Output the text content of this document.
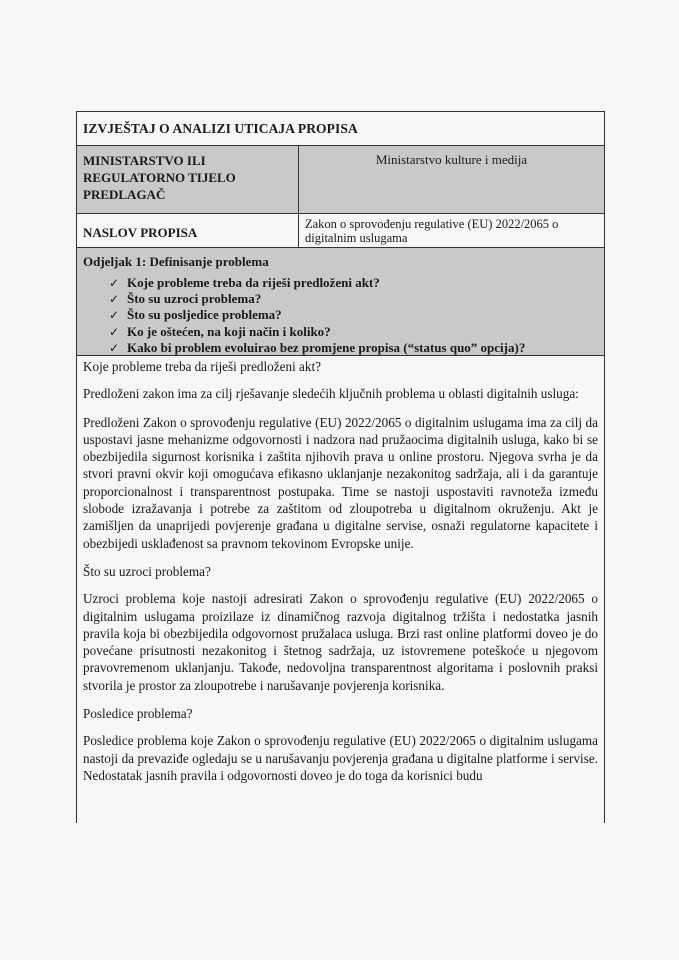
IZVJEŠTAJ O ANALIZI UTICAJA PROPISA
MINISTARSTVO ILI REGULATORNO TIJELO PREDLAGAČ
Ministarstvo kulture i medija
NASLOV PROPISA
Zakon o sprovođenju regulative (EU) 2022/2065 o digitalnim uslugama
Odjeljak 1: Definisanje problema
✓ Koje probleme treba da riješi predloženi akt?
✓ Što su uzroci problema?
✓ Što su posljedice problema?
✓ Ko je oštećen, na koji način i koliko?
✓ Kako bi problem evoluirao bez promjene propisa (“status quo” opcija)?

Koje probleme treba da riješi predloženi akt?

Predloženi zakon ima za cilj rješavanje sledećih ključnih problema u oblasti digitalnih usluga:

Predloženi Zakon o sprovođenju regulative (EU) 2022/2065 o digitalnim uslugama ima za cilj da uspostavi jasne mehanizme odgovornosti i nadzora nad pružaocima digitalnih usluga, kako bi se obezbijedila sigurnost korisnika i zaštita njihovih prava u online prostoru. Njegova svrha je da stvori pravni okvir koji omogućava efikasno uklanjanje nezakonitog sadržaja, ali i da garantuje proporcionalnost i transparentnost postupaka. Time se nastoji uspostaviti ravnoteža između slobode izražavanja i potrebe za zaštitom od zloupotreba u digitalnom okruženju. Akt je zamišljen da unaprijedi povjerenje građana u digitalne servise, osnaži regulatorne kapacitete i obezbijedi usklađenost sa pravnom tekovinom Evropske unije.

Što su uzroci problema?

Uzroci problema koje nastoji adresirati Zakon o sprovođenju regulative (EU) 2022/2065 o digitalnim uslugama proizilaze iz dinamičnog razvoja digitalnog tržišta i nedostatka jasnih pravila koja bi obezbijedila odgovornost pružalaca usluga. Brzi rast online platformi doveo je do povećane prisutnosti nezakonitog i štetnog sadržaja, uz istovremene poteškoće u njegovom pravovremenom uklanjanju. Takođe, nedovoljna transparentnost algoritama i poslovnih praksi stvorila je prostor za zloupotrebe i narušavanje povjerenja korisnika.

Posledice problema?

Posledice problema koje Zakon o sprovođenju regulative (EU) 2022/2065 o digitalnim uslugama nastoji da prevaziđe ogledaju se u narušavanju povjerenja građana u digitalne platforme i servise. Nedostatak jasnih pravila i odgovornosti doveo je do toga da korisnici budu
